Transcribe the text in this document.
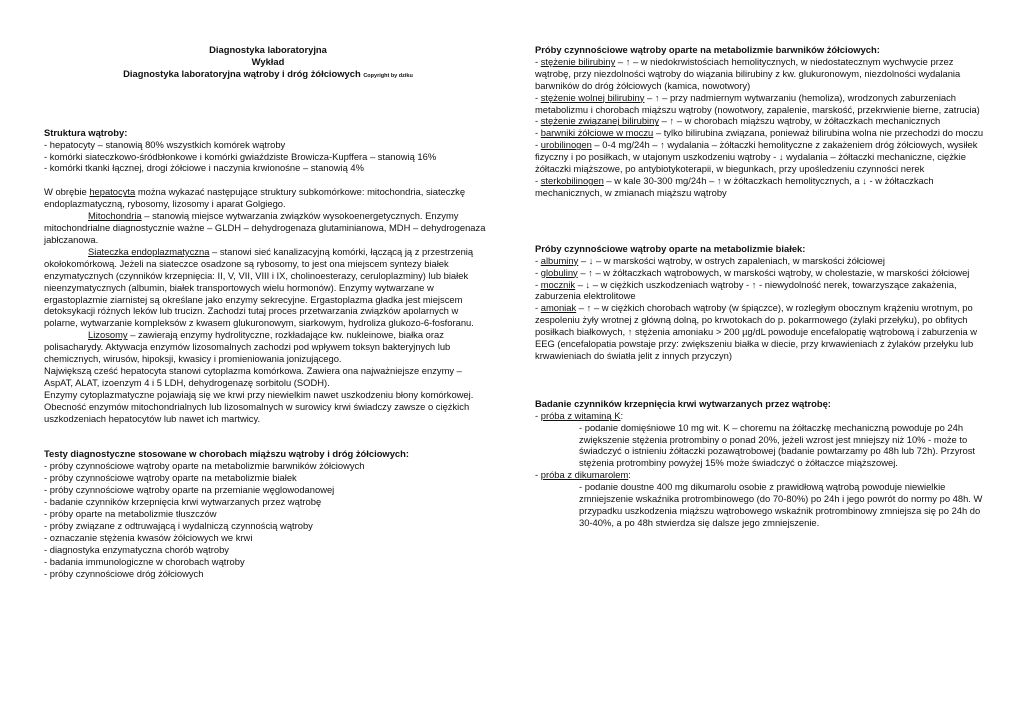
Diagnostyka laboratoryjna
Wykład
Diagnostyka laboratoryjna wątroby i dróg żółciowych Copyright by dziku
Struktura wątroby:
- hepatocyty – stanowią 80% wszystkich komórek wątroby
- komórki siateczkowo-śródbłonkowe i komórki gwiaździste Browicza-Kupffera – stanowią 16%
- komórki tkanki łącznej, drogi żółciowe i naczynia krwionośne – stanowią 4%
W obrębie hepatocyta można wykazać następujące struktury subkomórkowe: mitochondria, siateczkę endoplazmatyczną, rybosomy, lizosomy i aparat Golgiego.
Mitochondria – stanowią miejsce wytwarzania związków wysokoenergetycznych. Enzymy mitochondrialne diagnostycznie ważne – GLDH – dehydrogenaza glutaminianowa, MDH – dehydrogenaza jabłczanowa.
Siateczka endoplazmatyczna – stanowi sieć kanalizacyjną komórki, łączącą ją z przestrzenią okołokomórkową. Jeżeli na siateczce osadzone są rybosomy, to jest ona miejscem syntezy białek enzymatycznych (czynników krzepnięcia: II, V, VII, VIII i IX, cholinoesterazy, ceruloplazminy) lub białek nieenzymatycznych (albumin, białek transportowych wielu hormonów). Enzymy wytwarzane w ergastoplazmie ziarnistej są określane jako enzymy sekrecyjne. Ergastoplazma gładka jest miejscem detoksykacji różnych leków lub trucizn. Zachodzi tutaj proces przetwarzania związków apolarnych w polarne, wytwarzanie kompleksów z kwasem glukuronowym, siarkowym, hydroliza glukozo-6-fosforanu.
Lizosomy – zawierają enzymy hydrolityczne, rozkładające kw. nukleinowe, białka oraz polisacharydy. Aktywacja enzymów lizosomalnych zachodzi pod wpływem toksyn bakteryjnych lub chemicznych, wirusów, hipoksji, kwasicy i promieniowania jonizującego.
Największą cześć hepatocyta stanowi cytoplazma komórkowa. Zawiera ona najważniejsze enzymy – AspAT, ALAT, izoenzym 4 i 5 LDH, dehydrogenazę sorbitolu (SODH).
Enzymy cytoplazmatyczne pojawiają się we krwi przy niewielkim nawet uszkodzeniu błony komórkowej. Obecność enzymów mitochondrialnych lub lizosomalnych w surowicy krwi świadczy zawsze o ciężkich uszkodzeniach hepatocytów lub nawet ich martwicy.
Testy diagnostyczne stosowane w chorobach miąższu wątroby i dróg żółciowych:
- próby czynnościowe wątroby oparte na metabolizmie barwników żółciowych
- próby czynnościowe wątroby oparte na metabolizmie białek
- próby czynnościowe wątroby oparte na przemianie węglowodanowej
- badanie czynników krzepnięcia krwi wytwarzanych przez wątrobę
- próby oparte na metabolizmie tłuszczów
- próby związane z odtruwającą i wydalniczą czynnością wątroby
- oznaczanie stężenia kwasów żółciowych we krwi
- diagnostyka enzymatyczna chorób wątroby
- badania immunologiczne w chorobach wątroby
- próby czynnościowe dróg żółciowych
Próby czynnościowe wątroby oparte na metabolizmie barwników żółciowych:
- stężenie bilirubiny – ↑ – w niedokrwistościach hemolitycznych, w niedostatecznym wychwycie przez wątrobę, przy niezdolności wątroby do wiązania bilirubiny z kw. glukuronowym, niezdolności wydalania barwników do dróg żółciowych (kamica, nowotwory)
- stężenie wolnej bilirubiny – ↑ – przy nadmiernym wytwarzaniu (hemoliza), wrodzonych zaburzeniach metabolizmu i chorobach miąższu wątroby (nowotwory, zapalenie, marskość, przekrwienie bierne, zatrucia)
- stężenie związanej bilirubiny – ↑ – w chorobach miąższu wątroby, w żółtaczkach mechanicznych
- barwniki żółciowe w moczu – tylko bilirubina związana, ponieważ bilirubina wolna nie przechodzi do moczu
- urobilinogen – 0-4 mg/24h – ↑ wydalania – żółtaczki hemolityczne z zakażeniem dróg żółciowych, wysiłek fizyczny i po posiłkach, w utajonym uszkodzeniu wątroby - ↓ wydalania – żółtaczki mechaniczne, ciężkie żółtaczki miąższowe, po antybiotykoterapii, w biegunkach, przy upośledzeniu czynności nerek
- sterkobilinogen – w kale 30-300 mg/24h – ↑ w żółtaczkach hemolitycznych, a ↓ - w żółtaczkach mechanicznych, w zmianach miąższu wątroby
Próby czynnościowe wątroby oparte na metabolizmie białek:
- albuminy – ↓ – w marskości wątroby, w ostrych zapaleniach, w marskości żółciowej
- globuliny – ↑ – w żółtaczkach wątrobowych, w marskości wątroby, w cholestazie, w marskości żółciowej
- mocznik – ↓ – w ciężkich uszkodzeniach wątroby - ↑ - niewydolność nerek, towarzyszące zakażenia, zaburzenia elektrolitowe
- amoniak – ↑ – w ciężkich chorobach wątroby (w śpiączce), w rozległym obocznym krążeniu wrotnym, po zespoleniu żyły wrotnej z główną dolną, po krwotokach do p. pokarmowego (żylaki przełyku), po obfitych posiłkach białkowych, ↑ stężenia amoniaku > 200 µg/dL powoduje encefalopatię wątrobową i zaburzenia w EEG (encefalopatia powstaje przy: zwiększeniu białka w diecie, przy krwawieniach z żylaków przełyku lub krwawieniach do światła jelit z innych przyczyn)
Badanie czynników krzepnięcia krwi wytwarzanych przez wątrobę:
- próba z witaminą K:
- podanie domięśniowe 10 mg wit. K – choremu na żółtaczkę mechaniczną powoduje po 24h zwiększenie stężenia protrombiny o ponad 20%, jeżeli wzrost jest mniejszy niż 10% - może to świadczyć o istnieniu żółtaczki pozawątrobowej (badanie powtarzamy po 48h lub 72h). Przyrost stężenia protrombiny powyżej 15% może świadczyć o żółtaczce miąższowej.
- próba z dikumarolem:
- podanie doustne 400 mg dikumarolu osobie z prawidłową wątrobą powoduje niewielkie zmniejszenie wskaźnika protrombinowego (do 70-80%) po 24h i jego powrót do normy po 48h. W przypadku uszkodzenia miąższu wątrobowego wskaźnik protrombinowy zmniejsza się po 24h do 30-40%, a po 48h stwierdza się dalsze jego zmniejszenie.
